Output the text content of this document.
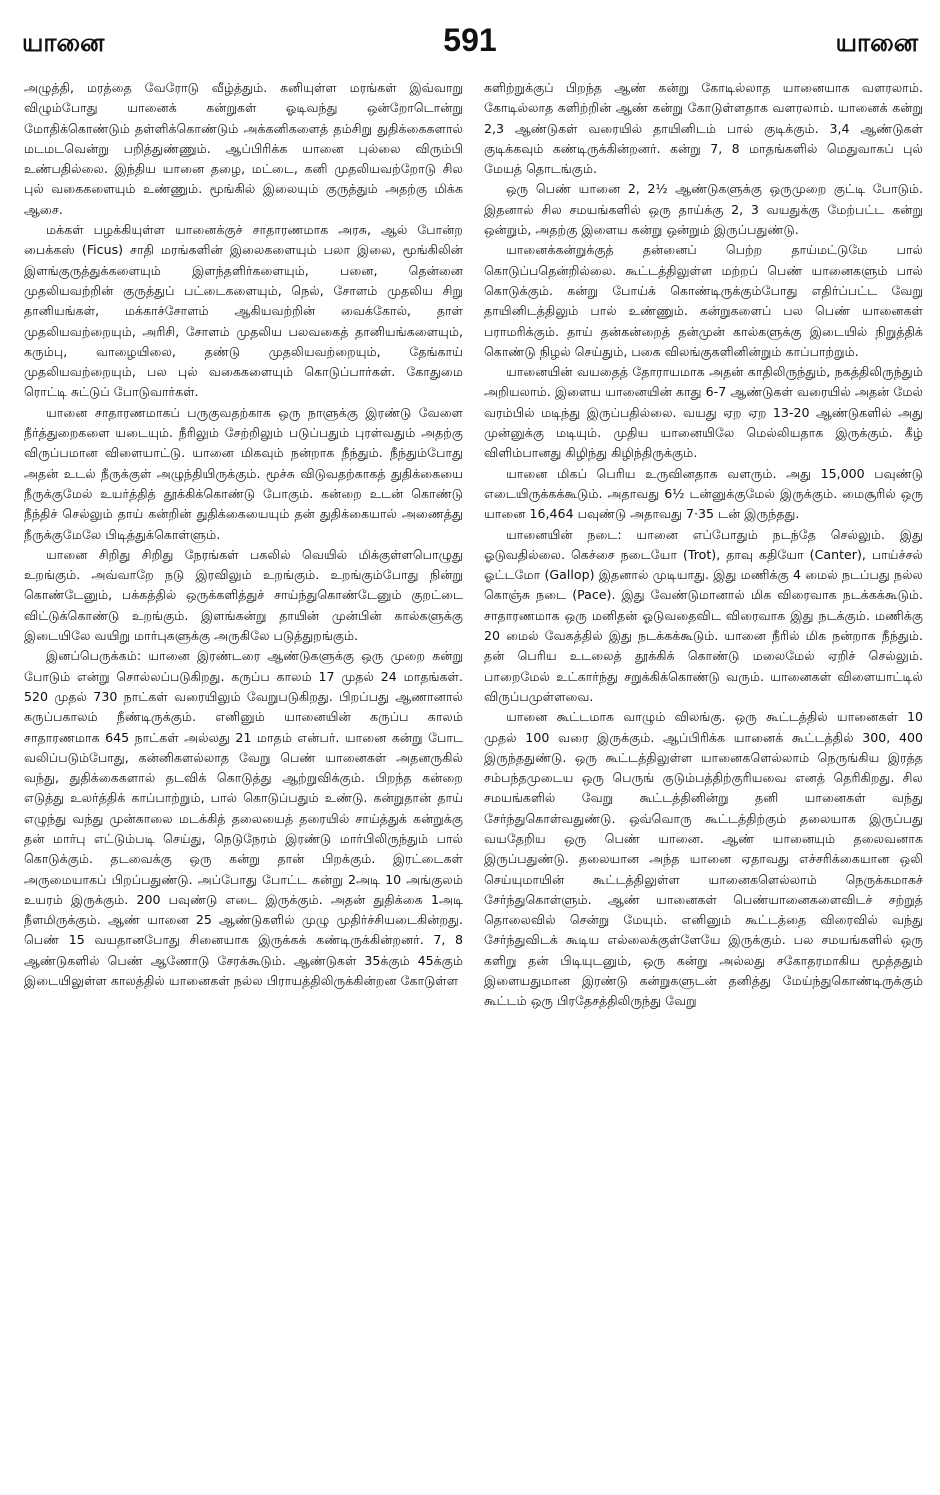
யானை	591	யானை

அழுத்தி, மரத்தை வேரோடு வீழ்த்தும். கனியுள்ள மரங்கள் இவ்வாறு விழும்போது யானைக் கன்றுகள் ஓடிவந்து ஒன்றோடொன்று மோதிக்கொண்டும் தள்ளிக்கொண்டும் அக்கனிகளைத் தம்சிறு துதிக்கைகளால் மடமடவென்று பறித்துண்ணும். ஆப்பிரிக்க யானை புல்லை விரும்பி உண்பதில்லை. இந்திய யானை தழை, மட்டை, கனி முதலியவற்றோடு சில புல் வகைகளையும் உண்ணும். மூங்கில் இலையும் குருத்தும் அதற்கு மிக்க ஆசை.

மக்கள் பழக்கியுள்ள யானைக்குச் சாதாரணமாக அரசு, ஆல் போன்ற பைக்கஸ் (Ficus) சாதி மரங்களின் இலைகளையும் பலா இலை, மூங்கிலின் இளங்குருத்துக்களையும் இளந்தளிர்களையும், பனை, தென்னை முதலியவற்றின் குருத்துப் பட்டைகளையும், நெல், சோளம் முதலிய சிறு தானியங்கள், மக்காச்சோளம் ஆகியவற்றின் வைக்கோல், தாள் முதலியவற்றையும், அரிசி, சோளம் முதலிய பலவகைத் தானியங்களையும், கரும்பு, வாழையிலை, தண்டு முதலியவற்றையும், தேங்காய் முதலியவற்றையும், பல புல் வகைகளையும் கொடுப்பார்கள். கோதுமை ரொட்டி சுட்டுப் போடுவார்கள்.

யானை சாதாரணமாகப் பருகுவதற்காக ஒரு நாளுக்கு இரண்டு வேளை நீர்த்துறைகளை யடையும். நீரிலும் சேற்றிலும் படுப்பதும் புரள்வதும் அதற்கு விருப்பமான விளையாட்டு. யானை மிகவும் நன்றாக நீந்தும். நீந்தும்போது அதன் உடல் நீருக்குள் அழுந்தியிருக்கும். மூச்சு விடுவதற்காகத் துதிக்கையை நீருக்குமேல் உயர்த்தித் தூக்கிக்கொண்டு போகும். கன்றை உடன் கொண்டு நீந்திச் செல்லும் தாய் கன்றின் துதிக்கையையும் தன் துதிக்கையால் அணைத்து நீருக்குமேலே பிடித்துக்கொள்ளும்.

யானை சிறிது சிறிது நேரங்கள் பகலில் வெயில் மிக்குள்ளபொழுது உறங்கும். அவ்வாறே நடு இரவிலும் உறங்கும். உறங்கும்போது நின்று கொண்டேனும், பக்கத்தில் ஒருக்களித்துச் சாய்ந்துகொண்டேனும் குறட்டை விட்டுக்கொண்டு உறங்கும். இளங்கன்று தாயின் முன்பின் கால்களுக்கு இடையிலே வயிறு மார்புகளுக்கு அருகிலே படுத்துறங்கும்.

இனப்பெருக்கம்: யானை இரண்டரை ஆண்டுகளுக்கு ஒரு முறை கன்று போடும் என்று சொல்லப்படுகிறது. கருப்ப காலம் 17 முதல் 24 மாதங்கள். 520 முதல் 730 நாட்கள் வரையிலும் வேறுபடுகிறது. பிறப்பது ஆணானால் கருப்பகாலம் நீண்டிருக்கும். எனினும் யானையின் கருப்ப காலம் சாதாரணமாக 645 நாட்கள் அல்லது 21 மாதம் என்பர். யானை கன்று போட வலிப்படும்போது, கன்னிகளல்லாத வேறு பெண் யானைகள் அதனருகில் வந்து, துதிக்கைகளால் தடவிக் கொடுத்து ஆற்றுவிக்கும். பிறந்த கன்றை எடுத்து உலர்த்திக் காப்பாற்றும், பால் கொடுப்பதும் உண்டு. கன்றுதான் தாய் எழுந்து வந்து முன்காலை மடக்கித் தலையைத் தரையில் சாய்த்துக் கன்றுக்கு தன் மார்பு எட்டும்படி செய்து, நெடுநேரம் இரண்டு மார்பிலிருந்தும் பால் கொடுக்கும். தடவைக்கு ஒரு கன்று தான் பிறக்கும். இரட்டைகள் அருமையாகப் பிறப்பதுண்டு. அப்போது போட்ட கன்று 2அடி 10 அங்குலம் உயரம் இருக்கும். 200 பவுண்டு எடை இருக்கும். அதன் துதிக்கை 1அடி நீளமிருக்கும். ஆண் யானை 25 ஆண்டுகளில் முழு முதிர்ச்சியடைகின்றது. பெண் 15 வயதானபோது சினையாக இருக்கக் கண்டிருக்கின்றனர். 7, 8 ஆண்டுகளில் பெண் ஆணோடு சேரக்கூடும். ஆண்டுகள் 35க்கும் 45க்கும் இடையிலுள்ள காலத்தில் யானைகள் நல்ல பிராயத்திலிருக்கின்றன கோடுள்ள

களிற்றுக்குப் பிறந்த ஆண் கன்று கோடில்லாத யானையாக வளரலாம். கோடில்லாத களிற்றின் ஆண் கன்று கோடுள்ளதாக வளரலாம். யானைக் கன்று 2,3 ஆண்டுகள் வரையில் தாயினிடம் பால் குடிக்கும். 3,4 ஆண்டுகள் குடிக்கவும் கண்டிருக்கின்றனர். கன்று 7, 8 மாதங்களில் மெதுவாகப் புல் மேயத் தொடங்கும்.

ஒரு பெண் யானை 2, 2½ ஆண்டுகளுக்கு ஒருமுறை குட்டி போடும். இதனால் சில சமயங்களில் ஒரு தாய்க்கு 2, 3 வயதுக்கு மேற்பட்ட கன்று ஒன்றும், அதற்கு இளைய கன்று ஒன்றும் இருப்பதுண்டு.

யானைக்கன்றுக்குத் தன்னைப் பெற்ற தாய்மட்டுமே பால் கொடுப்பதென்றில்லை. கூட்டத்திலுள்ள மற்றப் பெண் யானைகளும் பால் கொடுக்கும். கன்று போய்க் கொண்டிருக்கும்போது எதிர்ப்பட்ட வேறு தாயினிடத்திலும் பால் உண்ணும். கன்றுகளைப் பல பெண் யானைகள் பராமரிக்கும். தாய் தன்கன்றைத் தன்முன் கால்களுக்கு இடையில் நிறுத்திக் கொண்டு நிழல் செய்தும், பகை விலங்குகளினின்றும் காப்பாற்றும்.

யானையின் வயதைத் தோராயமாக அதன் காதிலிருந்தும், நகத்திலிருந்தும் அறியலாம். இளைய யானையின் காது 6-7 ஆண்டுகள் வரையில் அதன் மேல் வரம்பில் மடிந்து இருப்பதில்லை. வயது ஏற ஏற 13-20 ஆண்டுகளில் அது முன்னுக்கு மடியும். முதிய யானையிலே மெல்லியதாக இருக்கும். கீழ் விளிம்பானது கிழிந்து கிழிந்திருக்கும்.

யானை மிகப் பெரிய உருவினதாக வளரும். அது 15,000 பவுண்டு எடையிருக்கக்கூடும். அதாவது 6½ டன்னுக்குமேல் இருக்கும். மைசூரில் ஒரு யானை 16,464 பவுண்டு அதாவது 7·35 டன் இருந்தது.

யானையின் நடை: யானை எப்போதும் நடந்தே செல்லும். இது ஓடுவதில்லை. கெச்சை நடையோ (Trot), தாவு கதியோ (Canter), பாய்ச்சல் ஓட்டமோ (Gallop) இதனால் முடியாது. இது மணிக்கு 4 மைல் நடப்பது நல்ல கொஞ்சு நடை (Pace). இது வேண்டுமானால் மிக விரைவாக நடக்கக்கூடும். சாதாரணமாக ஒரு மனிதன் ஓடுவதைவிட விரைவாக இது நடக்கும். மணிக்கு 20 மைல் வேகத்தில் இது நடக்கக்கூடும். யானை நீரில் மிக நன்றாக நீந்தும். தன் பெரிய உடலைத் தூக்கிக் கொண்டு மலைமேல் ஏறிச் செல்லும். பாறைமேல் உட்கார்ந்து சறுக்கிக்கொண்டு வரும். யானைகள் விளையாட்டில் விருப்பமுள்ளவை.

யானை கூட்டமாக வாழும் விலங்கு. ஒரு கூட்டத்தில் யானைகள் 10 முதல் 100 வரை இருக்கும். ஆப்பிரிக்க யானைக் கூட்டத்தில் 300, 400 இருந்ததுண்டு. ஒரு கூட்டத்திலுள்ள யானைகளெல்லாம் நெருங்கிய இரத்த சம்பந்தமுடைய ஒரு பெருங் குடும்பத்திற்குரியவை எனத் தெரிகிறது. சில சமயங்களில் வேறு கூட்டத்தினின்று தனி யானைகள் வந்து சேர்ந்துகொள்வதுண்டு. ஒவ்வொரு கூட்டத்திற்கும் தலையாக இருப்பது வயதேறிய ஒரு பெண் யானை. ஆண் யானையும் தலைவனாக இருப்பதுண்டு. தலையான அந்த யானை ஏதாவது எச்சரிக்கையான ஒலி செய்யுமாயின் கூட்டத்திலுள்ள யானைகளெல்லாம் நெருக்கமாகச் சேர்ந்துகொள்ளும். ஆண் யானைகள் பெண்யானைகளைவிடச் சற்றுத் தொலைவில் சென்று மேயும். எனினும் கூட்டத்தை விரைவில் வந்து சேர்ந்துவிடக் கூடிய எல்லைக்குள்ளேயே இருக்கும். பல சமயங்களில் ஒரு களிறு தன் பிடியுடனும், ஒரு கன்று அல்லது சகோதரமாகிய மூத்ததும் இளையதுமான இரண்டு கன்றுகளுடன் தனித்து மேய்ந்துகொண்டிருக்கும் கூட்டம் ஒரு பிரதேசத்திலிருந்து வேறு
